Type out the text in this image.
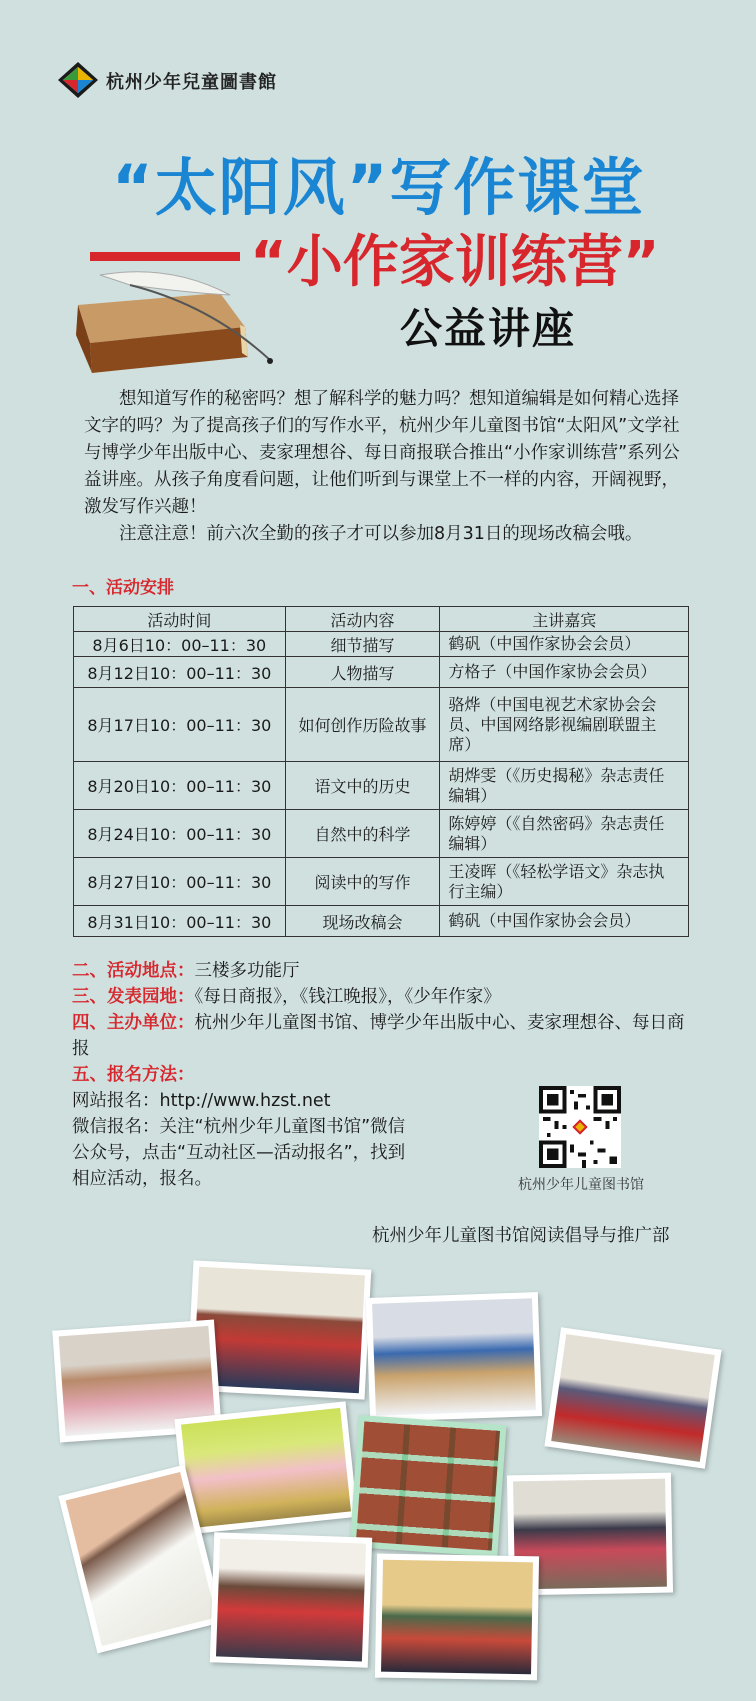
杭州少年兒童圖書館
“太阳风”写作课堂
“小作家训练营”
公益讲座

想知道写作的秘密吗？想了解科学的魅力吗？想知道编辑是如何精心选择文字的吗？为了提高孩子们的写作水平，杭州少年儿童图书馆“太阳风”文学社与博学少年出版中心、麦家理想谷、每日商报联合推出“小作家训练营”系列公益讲座。从孩子角度看问题，让他们听到与课堂上不一样的内容，开阔视野，激发写作兴趣！

注意注意！前六次全勤的孩子才可以参加8月31日的现场改稿会哦。

一、活动安排
活动时间	活动内容	主讲嘉宾
8月6日10：00–11：30	细节描写	鹤矾（中国作家协会会员）
8月12日10：00–11：30	人物描写	方格子（中国作家协会会员）
8月17日10：00–11：30	如何创作历险故事	骆烨（中国电视艺术家协会会员、中国网络影视编剧联盟主席）
8月20日10：00–11：30	语文中的历史	胡烨雯（《历史揭秘》杂志责任编辑）
8月24日10：00–11：30	自然中的科学	陈婷婷（《自然密码》杂志责任编辑）
8月27日10：00–11：30	阅读中的写作	王凌晖（《轻松学语文》杂志执行主编）
8月31日10：00–11：30	现场改稿会	鹤矾（中国作家协会会员）
二、活动地点：三楼多功能厅
三、发表园地：《每日商报》，《钱江晚报》，《少年作家》
四、主办单位：杭州少年儿童图书馆、博学少年出版中心、麦家理想谷、每日商报
五、报名方法：
网站报名：http://www.hzst.net
微信报名：关注“杭州少年儿童图书馆”微信公众号，点击“互动社区—活动报名”，找到相应活动，报名。	杭州少年儿童图书馆
杭州少年儿童图书馆阅读倡导与推广部
